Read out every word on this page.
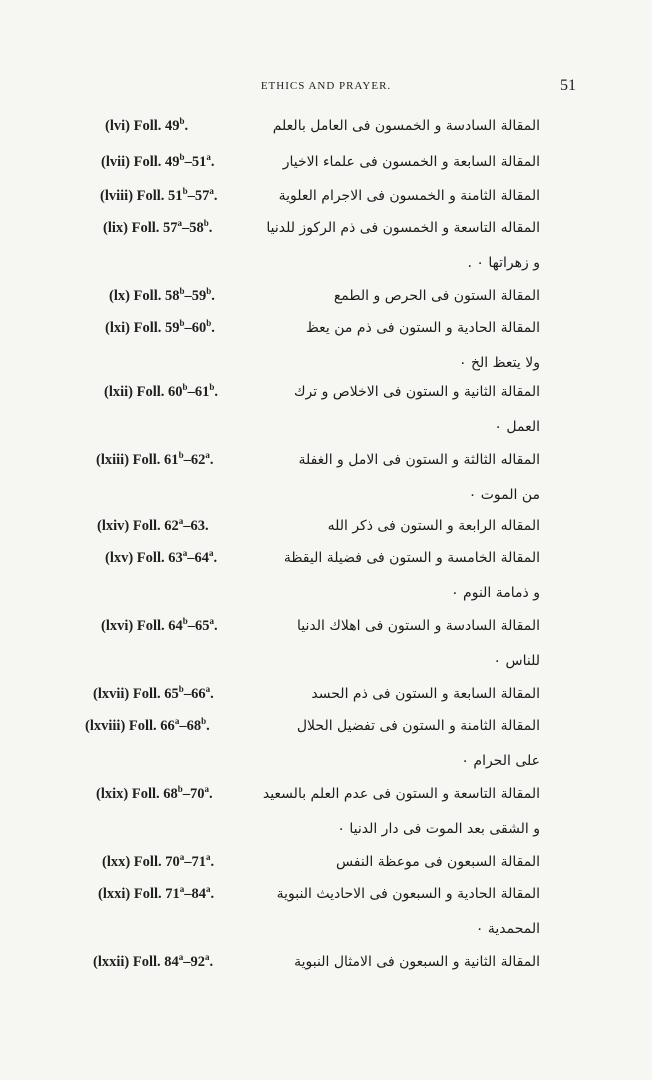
ETHICS AND PRAYER.	51
(lvi) Foll. 49$^b$.	المقالة السادسة و الخمسون فى العامل بالعلم
(lvii) Foll. 49$^b$–51$^a$.	المقالة السابعة و الخمسون فى علماء الاخيار
(lviii) Foll. 51$^b$–57$^a$.	المقالة الثامنة و الخمسون فى الاجرام العلوية
(lix) Foll. 57$^a$–58$^b$.	المقاله التاسعة و الخمسون فى ذم الركوز للدنيا
و زهراتها ۰ .
(lx) Foll. 58$^b$–59$^b$.	المقالة الستون فى الحرص و الطمع
(lxi) Foll. 59$^b$–60$^b$.	المقالة الحادية و الستون فى ذم من يعظ
ولا يتعظ الخ ۰
(lxii) Foll. 60$^b$–61$^b$.	المقالة الثانية و الستون فى الاخلاص و ترك
العمل ۰
(lxiii) Foll. 61$^b$–62$^a$.	المقاله الثالثة و الستون فى الامل و الغفلة
من الموت ۰
(lxiv) Foll. 62$^a$–63.	المقاله الرابعة و الستون فى ذكر الله
(lxv) Foll. 63$^a$–64$^a$.	المقالة الخامسة و الستون فى فضيلة اليقظة
و ذمامة النوم ۰
(lxvi) Foll. 64$^b$–65$^a$.	المقالة السادسة و الستون فى اهلاك الدنيا
للناس ۰
(lxvii) Foll. 65$^b$–66$^a$.	المقالة السابعة و الستون فى ذم الحسد
(lxviii) Foll. 66$^a$–68$^b$.	المقالة الثامنة و الستون فى تفضيل الحلال
على الحرام ۰
(lxix) Foll. 68$^b$–70$^a$.	المقالة التاسعة و الستون فى عدم العلم بالسعيد
و الشقى بعد الموت فى دار الدنيا ۰
(lxx) Foll. 70$^a$–71$^a$.	المقالة السبعون فى موعظة النفس
(lxxi) Foll. 71$^a$–84$^a$.	المقالة الحادية و السبعون فى الاحاديث النبوية
المحمدية ۰
(lxxii) Foll. 84$^a$–92$^a$.	المقالة الثانية و السبعون فى الامثال النبوية
